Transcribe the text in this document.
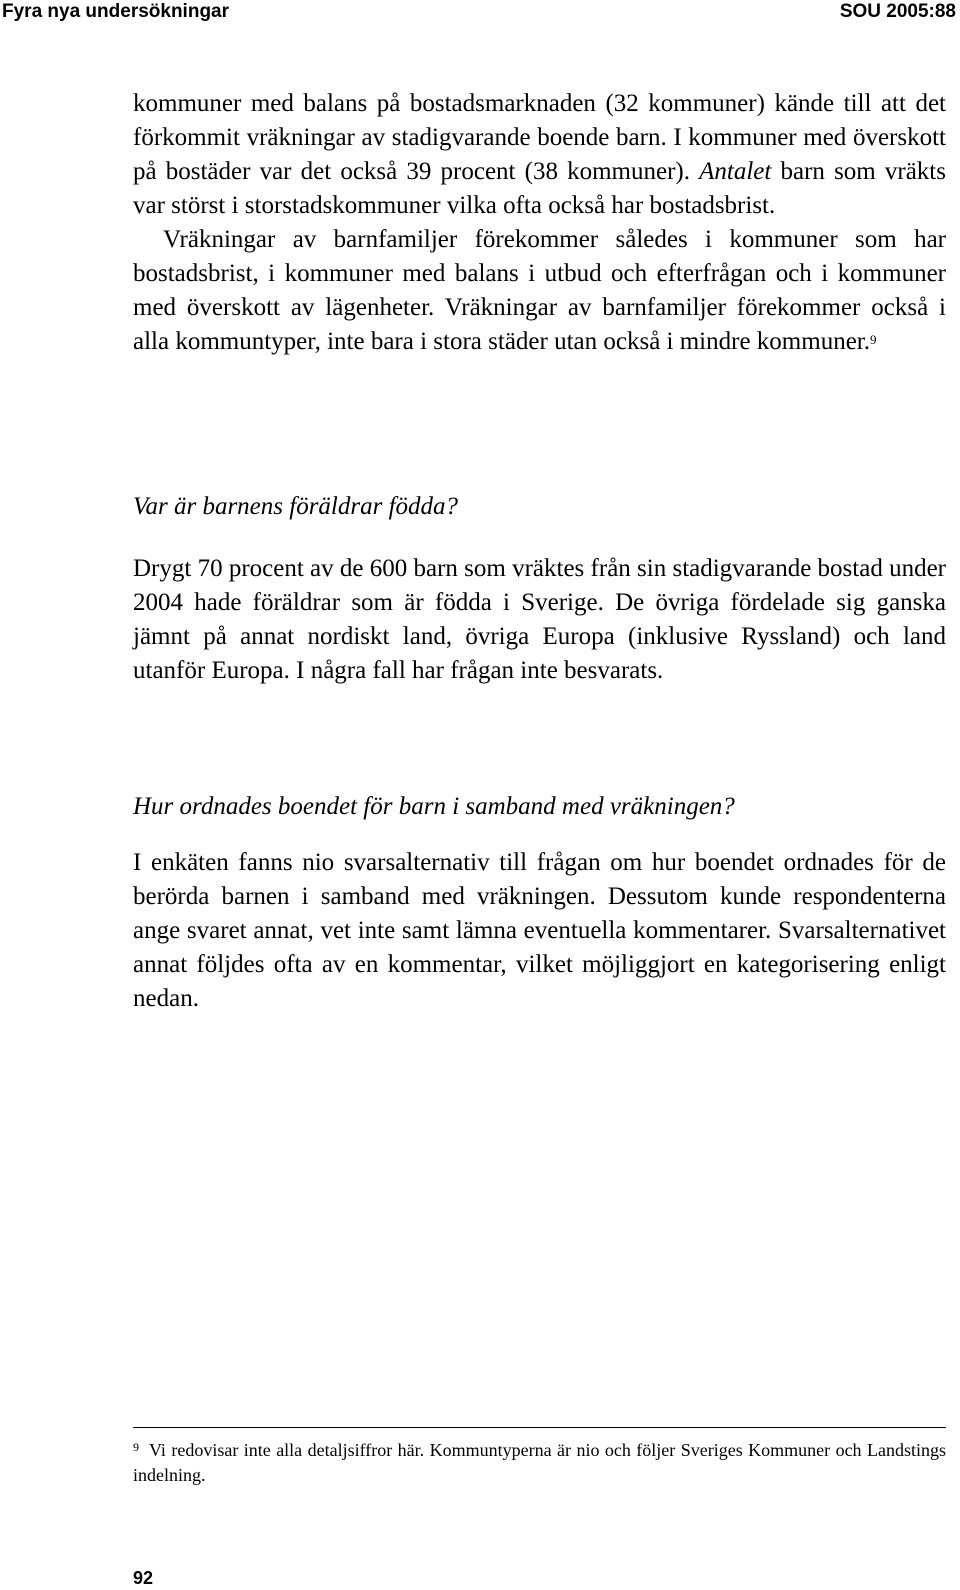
Fyra nya undersökningar	SOU 2005:88

kommuner med balans på bostadsmarknaden (32 kommuner) kände till att det förkommit vräkningar av stadigvarande boende barn. I kommuner med överskott på bostäder var det också 39 procent (38 kommuner). Antalet barn som vräkts var störst i storstadskommuner vilka ofta också har bostadsbrist.

Vräkningar av barnfamiljer förekommer således i kommuner som har bostadsbrist, i kommuner med balans i utbud och efterfrågan och i kommuner med överskott av lägenheter. Vräkningar av barnfamiljer förekommer också i alla kommuntyper, inte bara i stora städer utan också i mindre kommuner.$^9$

Var är barnens föräldrar födda?

Drygt 70 procent av de 600 barn som vräktes från sin stadigvarande bostad under 2004 hade föräldrar som är födda i Sverige. De övriga fördelade sig ganska jämnt på annat nordiskt land, övriga Europa (inklusive Ryssland) och land utanför Europa. I några fall har frågan inte besvarats.

Hur ordnades boendet för barn i samband med vräkningen?

I enkäten fanns nio svarsalternativ till frågan om hur boendet ordnades för de berörda barnen i samband med vräkningen. Dessutom kunde respondenterna ange svaret annat, vet inte samt lämna eventuella kommentarer. Svarsalternativet annat följdes ofta av en kommentar, vilket möjliggjort en kategorisering enligt nedan.

$^9$ Vi redovisar inte alla detaljsiffror här. Kommuntyperna är nio och följer Sveriges Kommuner och Landstings indelning.
92
